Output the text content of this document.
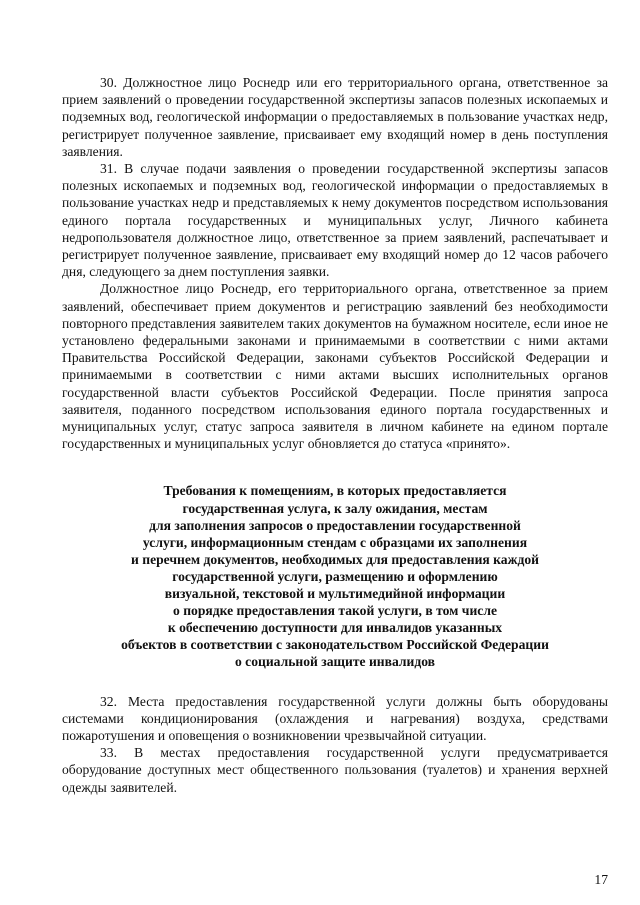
30. Должностное лицо Роснедр или его территориального органа, ответственное за прием заявлений о проведении государственной экспертизы запасов полезных ископаемых и подземных вод, геологической информации о предоставляемых в пользование участках недр, регистрирует полученное заявление, присваивает ему входящий номер в день поступления заявления.

31. В случае подачи заявления о проведении государственной экспертизы запасов полезных ископаемых и подземных вод, геологической информации о предоставляемых в пользование участках недр и представляемых к нему документов посредством использования единого портала государственных и муниципальных услуг, Личного кабинета недропользователя должностное лицо, ответственное за прием заявлений, распечатывает и регистрирует полученное заявление, присваивает ему входящий номер до 12 часов рабочего дня, следующего за днем поступления заявки.

Должностное лицо Роснедр, его территориального органа, ответственное за прием заявлений, обеспечивает прием документов и регистрацию заявлений без необходимости повторного представления заявителем таких документов на бумажном носителе, если иное не установлено федеральными законами и принимаемыми в соответствии с ними актами Правительства Российской Федерации, законами субъектов Российской Федерации и принимаемыми в соответствии с ними актами высших исполнительных органов государственной власти субъектов Российской Федерации. После принятия запроса заявителя, поданного посредством использования единого портала государственных и муниципальных услуг, статус запроса заявителя в личном кабинете на едином портале государственных и муниципальных услуг обновляется до статуса «принято».

Требования к помещениям, в которых предоставляется
государственная услуга, к залу ожидания, местам
для заполнения запросов о предоставлении государственной
услуги, информационным стендам с образцами их заполнения
и перечнем документов, необходимых для предоставления каждой
государственной услуги, размещению и оформлению
визуальной, текстовой и мультимедийной информации
о порядке предоставления такой услуги, в том числе
к обеспечению доступности для инвалидов указанных
объектов в соответствии с законодательством Российской Федерации
о социальной защите инвалидов

32. Места предоставления государственной услуги должны быть оборудованы системами кондиционирования (охлаждения и нагревания) воздуха, средствами пожаротушения и оповещения о возникновении чрезвычайной ситуации.

33. В местах предоставления государственной услуги предусматривается оборудование доступных мест общественного пользования (туалетов) и хранения верхней одежды заявителей.

17
